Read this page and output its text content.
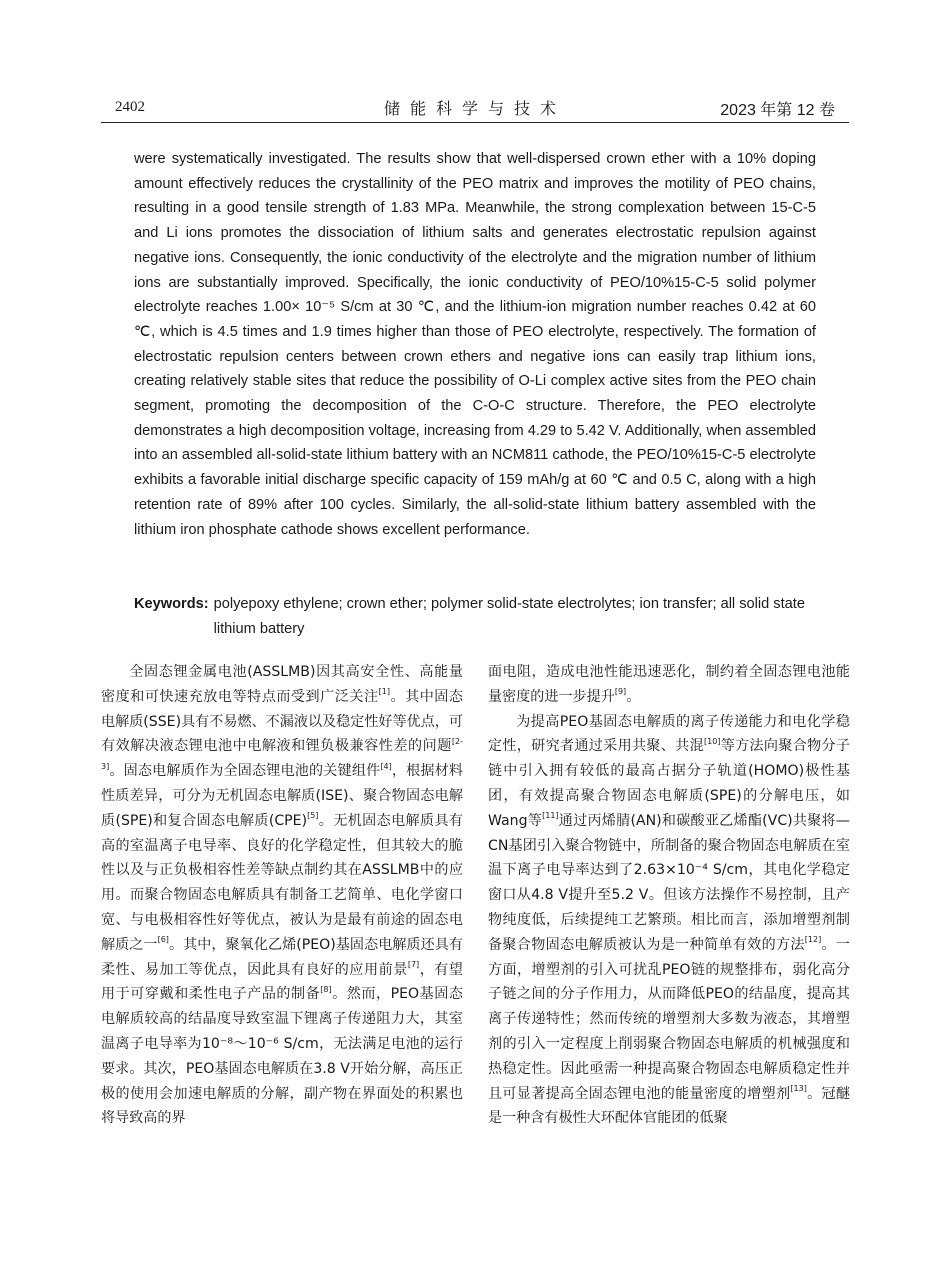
2402	储能科学与技术	2023 年第 12 卷

were systematically investigated. The results show that well-dispersed crown ether with a 10% doping amount effectively reduces the crystallinity of the PEO matrix and improves the motility of PEO chains, resulting in a good tensile strength of 1.83 MPa. Meanwhile, the strong complexation between 15-C-5 and Li ions promotes the dissociation of lithium salts and generates electrostatic repulsion against negative ions. Consequently, the ionic conductivity of the electrolyte and the migration number of lithium ions are substantially improved. Specifically, the ionic conductivity of PEO/10%15-C-5 solid polymer electrolyte reaches 1.00× 10⁻⁵ S/cm at 30 ℃, and the lithium-ion migration number reaches 0.42 at 60 ℃, which is 4.5 times and 1.9 times higher than those of PEO electrolyte, respectively. The formation of electrostatic repulsion centers between crown ethers and negative ions can easily trap lithium ions, creating relatively stable sites that reduce the possibility of O-Li complex active sites from the PEO chain segment, promoting the decomposition of the C-O-C structure. Therefore, the PEO electrolyte demonstrates a high decomposition voltage, increasing from 4.29 to 5.42 V. Additionally, when assembled into an assembled all-solid-state lithium battery with an NCM811 cathode, the PEO/10%15-C-5 electrolyte exhibits a favorable initial discharge specific capacity of 159 mAh/g at 60 ℃ and 0.5 C, along with a high retention rate of 89% after 100 cycles. Similarly, the all-solid-state lithium battery assembled with the lithium iron phosphate cathode shows excellent performance.

Keywords: polyepoxy ethylene; crown ether; polymer solid-state electrolytes; ion transfer; all solid state lithium battery

全固态锂金属电池(ASSLMB)因其高安全性、高能量密度和可快速充放电等特点而受到广泛关注[1]。其中固态电解质(SSE)具有不易燃、不漏液以及稳定性好等优点，可有效解决液态锂电池中电解液和锂负极兼容性差的问题[2-3]。固态电解质作为全固态锂电池的关键组件[4]，根据材料性质差异，可分为无机固态电解质(ISE)、聚合物固态电解质(SPE)和复合固态电解质(CPE)[5]。无机固态电解质具有高的室温离子电导率、良好的化学稳定性，但其较大的脆性以及与正负极相容性差等缺点制约其在ASSLMB中的应用。而聚合物固态电解质具有制备工艺简单、电化学窗口宽、与电极相容性好等优点，被认为是最有前途的固态电解质之一[6]。其中，聚氧化乙烯(PEO)基固态电解质还具有柔性、易加工等优点，因此具有良好的应用前景[7]，有望用于可穿戴和柔性电子产品的制备[8]。然而，PEO基固态电解质较高的结晶度导致室温下锂离子传递阻力大，其室温离子电导率为10⁻⁸～10⁻⁶ S/cm，无法满足电池的运行要求。其次，PEO基固态电解质在3.8 V开始分解，高压正极的使用会加速电解质的分解，副产物在界面处的积累也将导致高的界

面电阻，造成电池性能迅速恶化，制约着全固态锂电池能量密度的进一步提升[9]。

为提高PEO基固态电解质的离子传递能力和电化学稳定性，研究者通过采用共聚、共混[10]等方法向聚合物分子链中引入拥有较低的最高占据分子轨道(HOMO)极性基团，有效提高聚合物固态电解质(SPE)的分解电压，如Wang等[11]通过丙烯腈(AN)和碳酸亚乙烯酯(VC)共聚将—CN基团引入聚合物链中，所制备的聚合物固态电解质在室温下离子电导率达到了2.63×10⁻⁴ S/cm，其电化学稳定窗口从4.8 V提升至5.2 V。但该方法操作不易控制，且产物纯度低，后续提纯工艺繁琐。相比而言，添加增塑剂制备聚合物固态电解质被认为是一种简单有效的方法[12]。一方面，增塑剂的引入可扰乱PEO链的规整排布，弱化高分子链之间的分子作用力，从而降低PEO的结晶度，提高其离子传递特性；然而传统的增塑剂大多数为液态，其增塑剂的引入一定程度上削弱聚合物固态电解质的机械强度和热稳定性。因此亟需一种提高聚合物固态电解质稳定性并且可显著提高全固态锂电池的能量密度的增塑剂[13]。冠醚是一种含有极性大环配体官能团的低聚
